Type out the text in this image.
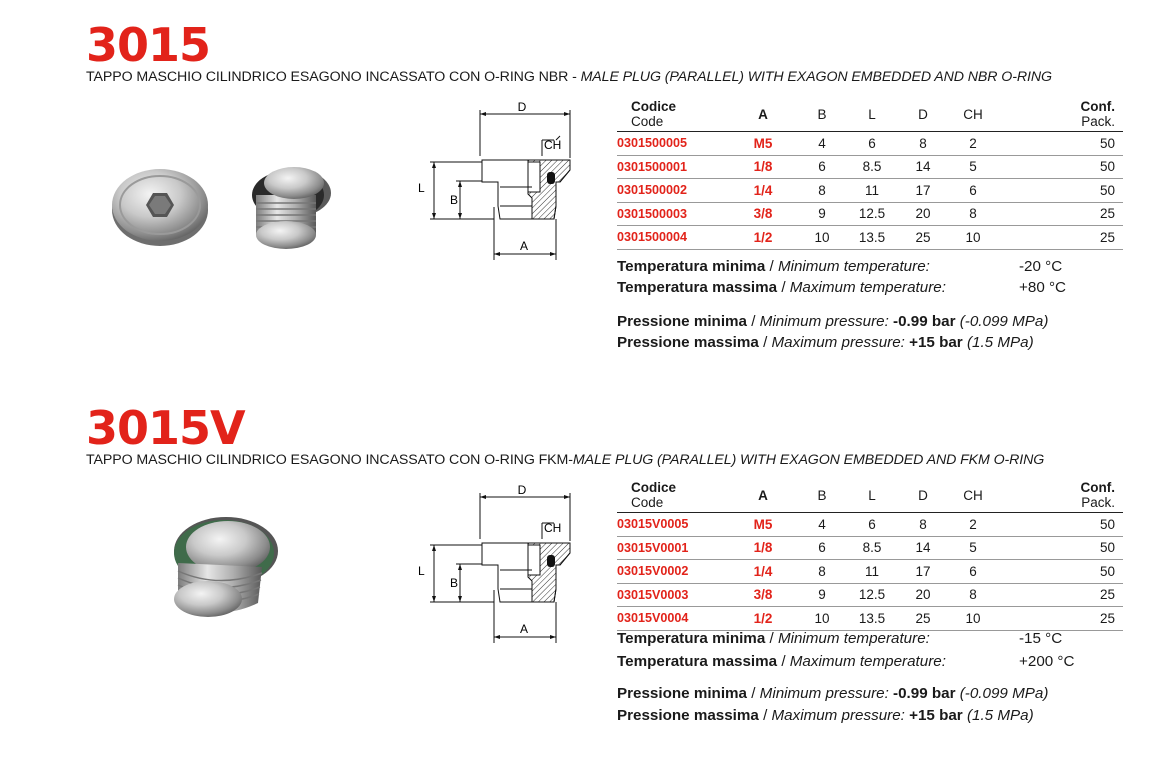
3015
TAPPO MASCHIO CILINDRICO ESAGONO INCASSATO CON O-RING NBR - MALE PLUG (PARALLEL) WITH EXAGON EMBEDDED AND NBR O-RING
D
CH
L
B
A
Codice
Code	A	B	L	D	CH	Conf.
Pack.
0301500005	M5	4	6	8	2	50
0301500001	1/8	6	8.5	14	5	50
0301500002	1/4	8	11	17	6	50
0301500003	3/8	9	12.5	20	8	25
0301500004	1/2	10	13.5	25	10	25
Temperatura minima / Minimum temperature:	-20 °C
Temperatura massima / Maximum temperature:	+80 °C
Pressione minima / Minimum pressure: -0.99 bar (-0.099 MPa)
Pressione massima / Maximum pressure: +15 bar (1.5 MPa)
3015V
TAPPO MASCHIO CILINDRICO ESAGONO INCASSATO CON O-RING FKM-MALE PLUG (PARALLEL) WITH EXAGON EMBEDDED AND FKM O-RING
D
CH
L
B
A
Codice
Code	A	B	L	D	CH	Conf.
Pack.
03015V0005	M5	4	6	8	2	50
03015V0001	1/8	6	8.5	14	5	50
03015V0002	1/4	8	11	17	6	50
03015V0003	3/8	9	12.5	20	8	25
03015V0004	1/2	10	13.5	25	10	25
Temperatura minima / Minimum temperature:	-15 °C
Temperatura massima / Maximum temperature:	+200 °C
Pressione minima / Minimum pressure: -0.99 bar (-0.099 MPa)
Pressione massima / Maximum pressure: +15 bar (1.5 MPa)
